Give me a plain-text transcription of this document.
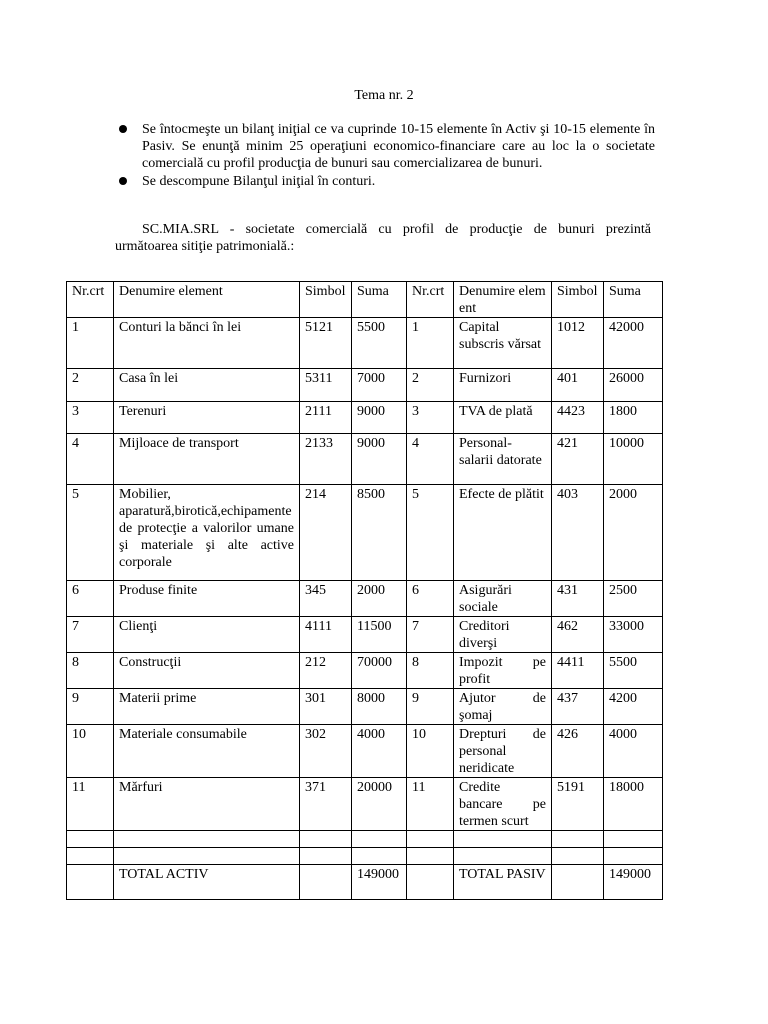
Tema nr. 2
Se întocmeşte un bilanţ iniţial ce va cuprinde 10-15 elemente în Activ şi 10-15 elemente în Pasiv. Se enunţă minim 25 operaţiuni economico-financiare care au loc la o societate comercială cu profil producţia de bunuri sau comercializarea de bunuri.
Se descompune Bilanţul iniţial în conturi.
SC.MIA.SRL - societate comercială cu profil de producţie de bunuri prezintă
următoarea sitiţie patrimonială.:
Nr.crt	Denumire element	Simbol	Suma	Nr.crt	Denumire element	Simbol	Suma
1	Conturi la bănci în lei	5121	5500	1	Capital subscris vărsat	1012	42000
2	Casa în lei	5311	7000	2	Furnizori	401	26000
3	Terenuri	2111	9000	3	TVA de plată	4423	1800
4	Mijloace de transport	2133	9000	4	Personal-salarii datorate	421	10000
5	Mobilier, aparatură,birotică,echipamente de protecţie a valorilor umane şi materiale şi alte active corporale	214	8500	5	Efecte de plătit	403	2000
6	Produse finite	345	2000	6	Asigurări sociale	431	2500
7	Clienţi	4111	11500	7	Creditori diverşi	462	33000
8	Construcţii	212	70000	8	Impozit pe profit	4411	5500
9	Materii prime	301	8000	9	Ajutor de şomaj	437	4200
10	Materiale consumabile	302	4000	10	Drepturi de personal neridicate	426	4000
11	Mărfuri	371	20000	11	Credite bancare pe termen scurt	5191	18000

	TOTAL ACTIV		149000		TOTAL PASIV		149000
